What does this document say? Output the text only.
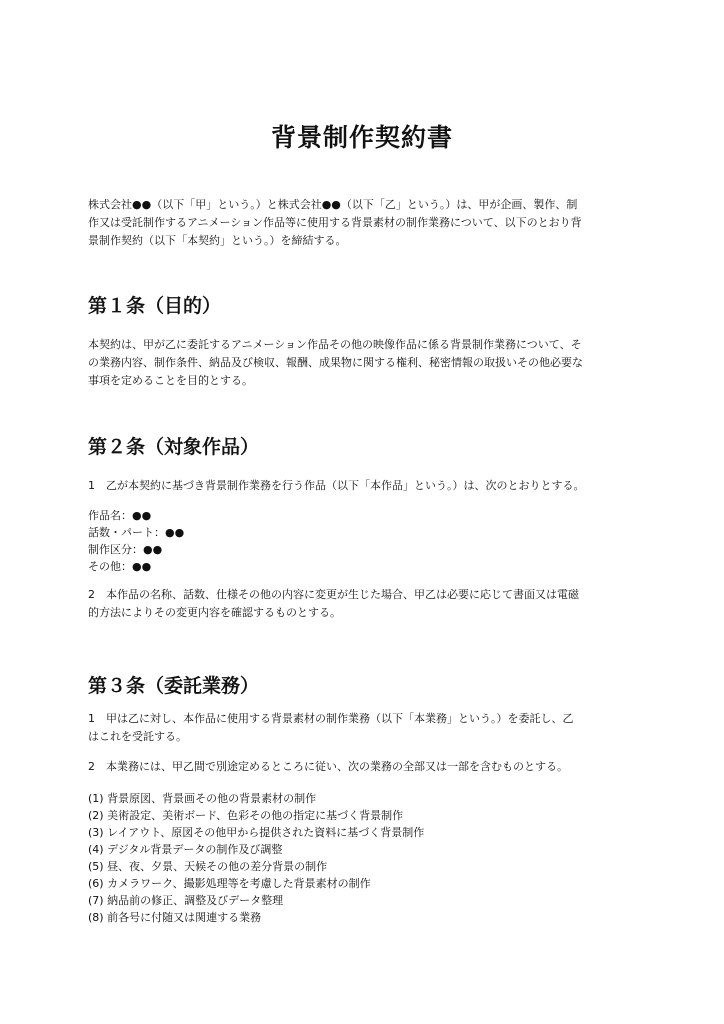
背景制作契約書

株式会社●●（以下「甲」という。）と株式会社●●（以下「乙」という。）は、甲が企画、製作、制
作又は受託制作するアニメーション作品等に使用する背景素材の制作業務について、以下のとおり背
景制作契約（以下「本契約」という。）を締結する。

第１条（目的）

本契約は、甲が乙に委託するアニメーション作品その他の映像作品に係る背景制作業務について、そ
の業務内容、制作条件、納品及び検収、報酬、成果物に関する権利、秘密情報の取扱いその他必要な
事項を定めることを目的とする。

第２条（対象作品）

1　乙が本契約に基づき背景制作業務を行う作品（以下「本作品」という。）は、次のとおりとする。

作品名：●●
話数・パート：●●
制作区分：●●
その他：●●

2　本作品の名称、話数、仕様その他の内容に変更が生じた場合、甲乙は必要に応じて書面又は電磁
的方法によりその変更内容を確認するものとする。

第３条（委託業務）

1　甲は乙に対し、本作品に使用する背景素材の制作業務（以下「本業務」という。）を委託し、乙
はこれを受託する。

2　本業務には、甲乙間で別途定めるところに従い、次の業務の全部又は一部を含むものとする。

(1) 背景原図、背景画その他の背景素材の制作
(2) 美術設定、美術ボード、色彩その他の指定に基づく背景制作
(3) レイアウト、原図その他甲から提供された資料に基づく背景制作
(4) デジタル背景データの制作及び調整
(5) 昼、夜、夕景、天候その他の差分背景の制作
(6) カメラワーク、撮影処理等を考慮した背景素材の制作
(7) 納品前の修正、調整及びデータ整理
(8) 前各号に付随又は関連する業務
